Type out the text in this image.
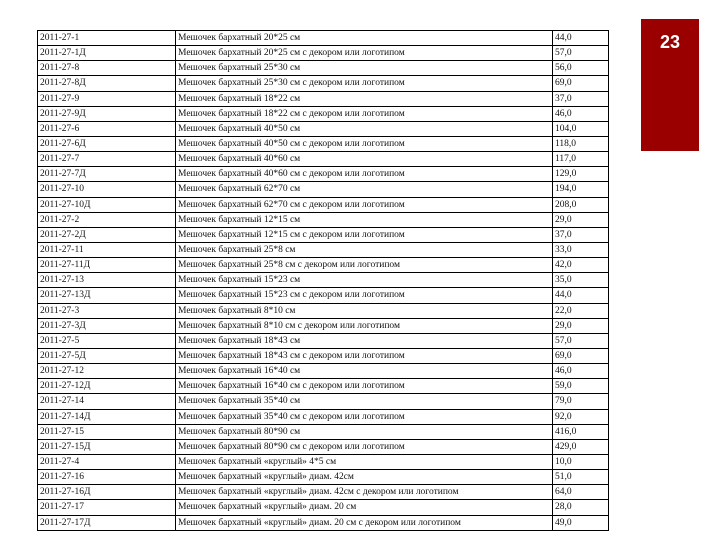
2011-27-1	Мешочек бархатный 20*25 см	44,0
2011-27-1Д	Мешочек бархатный 20*25 см с декором или логотипом	57,0
2011-27-8	Мешочек бархатный 25*30 см	56,0
2011-27-8Д	Мешочек бархатный 25*30 см с декором или логотипом	69,0
2011-27-9	Мешочек бархатный 18*22 см	37,0
2011-27-9Д	Мешочек бархатный 18*22 см с декором или логотипом	46,0
2011-27-6	Мешочек бархатный 40*50 см	104,0
2011-27-6Д	Мешочек бархатный 40*50 см с декором или логотипом	118,0
2011-27-7	Мешочек бархатный 40*60 см	117,0
2011-27-7Д	Мешочек бархатный 40*60 см с декором или логотипом	129,0
2011-27-10	Мешочек бархатный 62*70 см	194,0
2011-27-10Д	Мешочек бархатный 62*70 см с декором или логотипом	208,0
2011-27-2	Мешочек бархатный 12*15 см	29,0
2011-27-2Д	Мешочек бархатный 12*15 см с декором или логотипом	37,0
2011-27-11	Мешочек бархатный 25*8 см	33,0
2011-27-11Д	Мешочек бархатный 25*8 см с декором или логотипом	42,0
2011-27-13	Мешочек бархатный 15*23 см	35,0
2011-27-13Д	Мешочек бархатный 15*23 см с декором или логотипом	44,0
2011-27-3	Мешочек бархатный 8*10 см	22,0
2011-27-3Д	Мешочек бархатный 8*10 см с декором или логотипом	29,0
2011-27-5	Мешочек бархатный 18*43 см	57,0
2011-27-5Д	Мешочек бархатный 18*43 см с декором или логотипом	69,0
2011-27-12	Мешочек бархатный 16*40 см	46,0
2011-27-12Д	Мешочек бархатный 16*40 см с декором или логотипом	59,0
2011-27-14	Мешочек бархатный 35*40 см	79,0
2011-27-14Д	Мешочек бархатный 35*40 см с декором или логотипом	92,0
2011-27-15	Мешочек бархатный 80*90 см	416,0
2011-27-15Д	Мешочек бархатный 80*90 см с декором или логотипом	429,0
2011-27-4	Мешочек бархатный «круглый» 4*5 см	10,0
2011-27-16	Мешочек бархатный «круглый» диам. 42см	51,0
2011-27-16Д	Мешочек бархатный «круглый» диам. 42см с декором или логотипом	64,0
2011-27-17	Мешочек бархатный «круглый» диам. 20 см	28,0
2011-27-17Д	Мешочек бархатный «круглый» диам. 20 см с декором или логотипом	49,0
23
